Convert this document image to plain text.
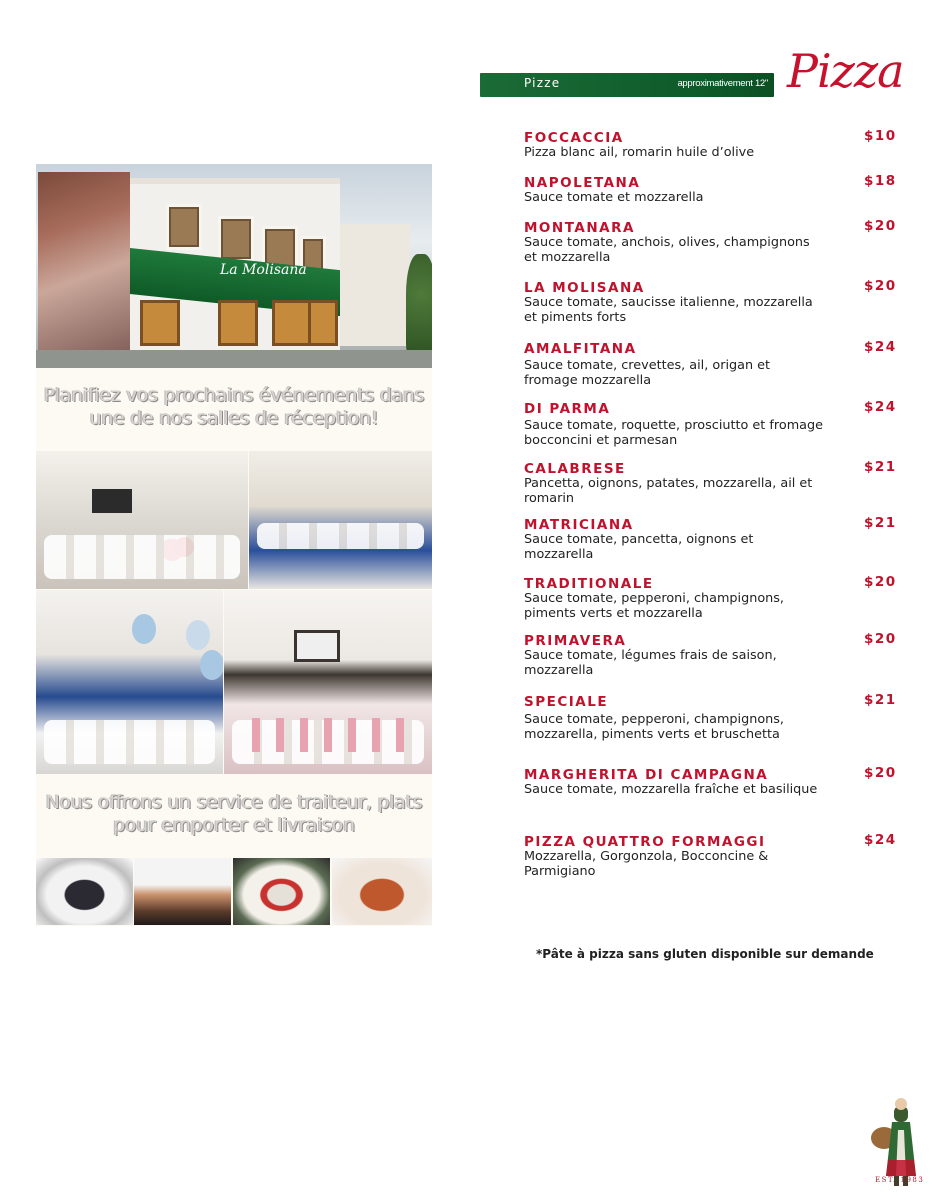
La Molisana
Planifiez vos prochains événements dans une de nos salles de réception!
Nous offrons un service de traiteur, plats pour emporter et livraison
Pizze	approximativement 12" Pizza
FOCCACCIA	$10
Pizza blanc ail, romarin huile d’olive
NAPOLETANA	$18
Sauce tomate et mozzarella
MONTANARA	$20
Sauce tomate, anchois, olives, champignons et mozzarella
LA MOLISANA	$20
Sauce tomate, saucisse italienne, mozzarella et piments forts
AMALFITANA	$24
Sauce tomate, crevettes, ail, origan et fromage mozzarella
DI PARMA	$24
Sauce tomate, roquette, prosciutto et fromage bocconcini et parmesan
CALABRESE	$21
Pancetta, oignons, patates, mozzarella, ail et romarin
MATRICIANA	$21
Sauce tomate, pancetta, oignons et mozzarella
TRADITIONALE	$20
Sauce tomate, pepperoni, champignons, piments verts et mozzarella
PRIMAVERA	$20
Sauce tomate, légumes frais de saison, mozzarella
SPECIALE	$21
Sauce tomate, pepperoni, champignons, mozzarella, piments verts et bruschetta
MARGHERITA DI CAMPAGNA	$20
Sauce tomate, mozzarella fraîche et basilique
PIZZA QUATTRO FORMAGGI	$24
Mozzarella, Gorgonzola, Bocconcine & Parmigiano
*Pâte à pizza sans gluten disponible sur demande
EST. 1983
